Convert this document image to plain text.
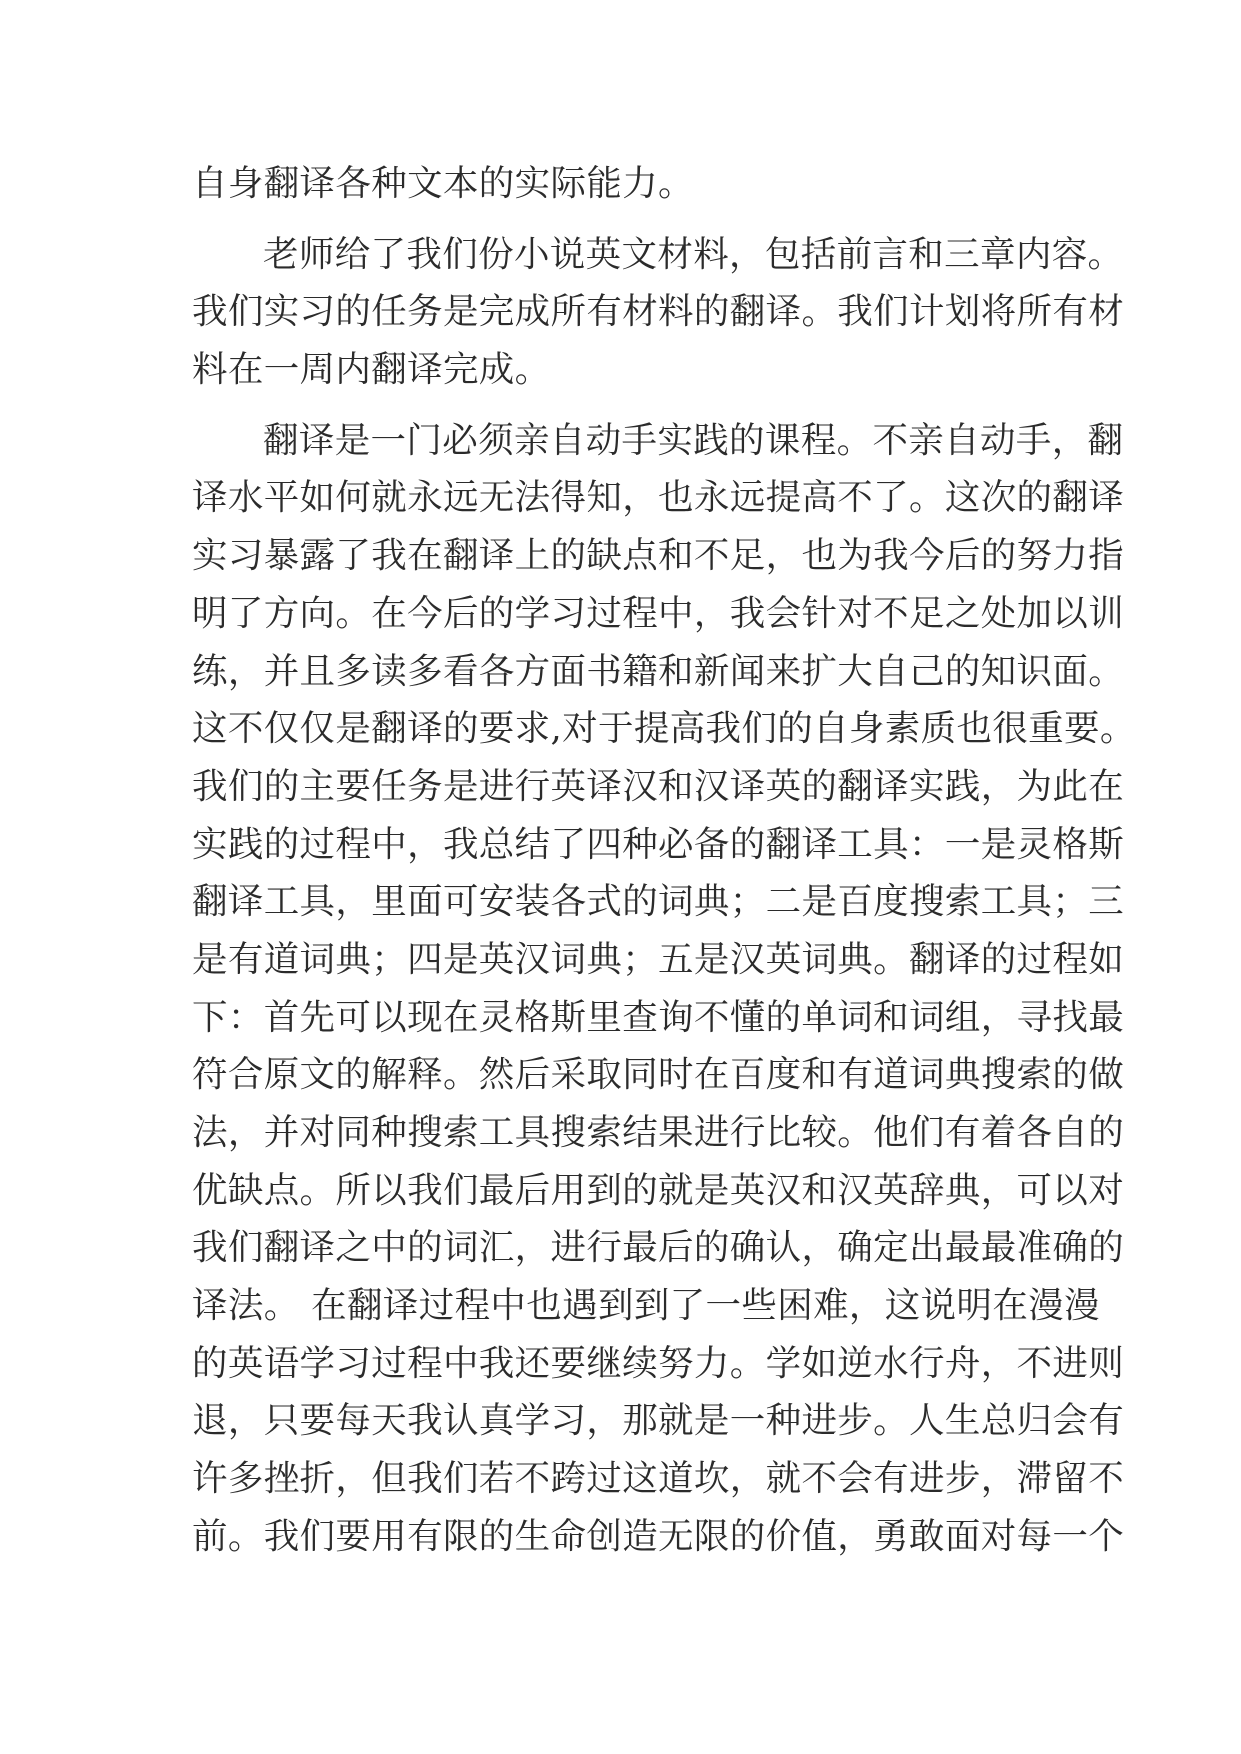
自身翻译各种文本的实际能力。
老师给了我们份小说英文材料，包括前言和三章内容。
我们实习的任务是完成所有材料的翻译。我们计划将所有材
料在一周内翻译完成。
翻译是一门必须亲自动手实践的课程。不亲自动手，翻
译水平如何就永远无法得知，也永远提高不了。这次的翻译
实习暴露了我在翻译上的缺点和不足，也为我今后的努力指
明了方向。在今后的学习过程中，我会针对不足之处加以训
练，并且多读多看各方面书籍和新闻来扩大自己的知识面。
这不仅仅是翻译的要求,对于提高我们的自身素质也很重要。
我们的主要任务是进行英译汉和汉译英的翻译实践，为此在
实践的过程中，我总结了四种必备的翻译工具：一是灵格斯
翻译工具，里面可安装各式的词典；二是百度搜索工具；三
是有道词典；四是英汉词典；五是汉英词典。翻译的过程如
下：首先可以现在灵格斯里查询不懂的单词和词组，寻找最
符合原文的解释。然后采取同时在百度和有道词典搜索的做
法，并对同种搜索工具搜索结果进行比较。他们有着各自的
优缺点。所以我们最后用到的就是英汉和汉英辞典，可以对
我们翻译之中的词汇，进行最后的确认，确定出最最准确的
译法。 在翻译过程中也遇到到了一些困难，这说明在漫漫
的英语学习过程中我还要继续努力。学如逆水行舟，不进则
退，只要每天我认真学习，那就是一种进步。人生总归会有
许多挫折，但我们若不跨过这道坎，就不会有进步，滞留不
前。我们要用有限的生命创造无限的价值，勇敢面对每一个
